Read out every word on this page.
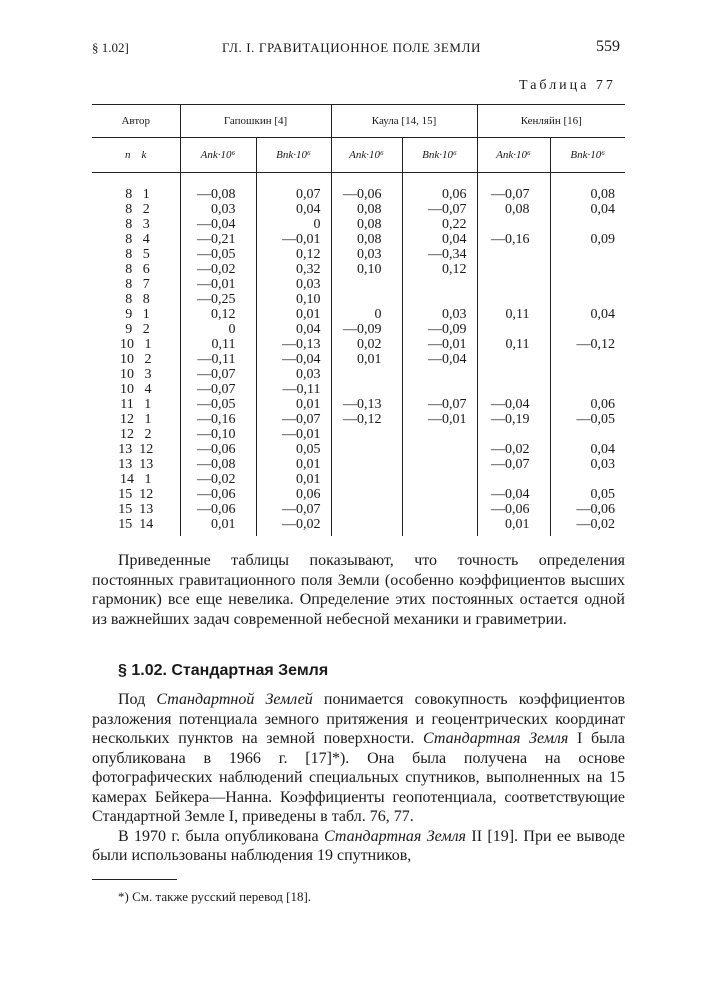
§ 1.02]	ГЛ. I. ГРАВИТАЦИОННОЕ ПОЛЕ ЗЕМЛИ	559
Таблица 77
Автор	Гапошкин [4]		Каула [14, 15]		Кенляйн [16]	
n    k	Ank·10⁶	Bnk·10⁶	Ank·10⁶	Bnk·10⁶	Ank·10⁶	Bnk·10⁶
8   1	—0,08	0,07	—0,06	0,06	—0,07	0,08
8   2	0,03	0,04	0,08	—0,07	0,08	0,04
8   3	—0,04	0	0,08	0,22		
8   4	—0,21	—0,01	0,08	0,04	—0,16	0,09
8   5	—0,05	0,12	0,03	—0,34		
8   6	—0,02	0,32	0,10	0,12		
8   7	—0,01	0,03				
8   8	—0,25	0,10				
9   1	0,12	0,01	0	0,03	0,11	0,04
9   2	0	0,04	—0,09	—0,09		
10   1	0,11	—0,13	0,02	—0,01	0,11	—0,12
10   2	—0,11	—0,04	0,01	—0,04		
10   3	—0,07	0,03				
10   4	—0,07	—0,11				
11   1	—0,05	0,01	—0,13	—0,07	—0,04	0,06
12   1	—0,16	—0,07	—0,12	—0,01	—0,19	—0,05
12   2	—0,10	—0,01				
13  12	—0,06	0,05			—0,02	0,04
13  13	—0,08	0,01			—0,07	0,03
14   1	—0,02	0,01				
15  12	—0,06	0,06			—0,04	0,05
15  13	—0,06	—0,07			—0,06	—0,06
15  14	0,01	—0,02			0,01	—0,02
Приведенные таблицы показывают, что точность определения постоянных гравитационного поля Земли (особенно коэффициентов высших гармоник) все еще невелика. Определение этих постоянных остается одной из важнейших задач современной небесной механики и гравиметрии.
§ 1.02. Стандартная Земля
Под Стандартной Землей понимается совокупность коэффициентов разложения потенциала земного притяжения и геоцентрических координат нескольких пунктов на земной поверхности. Стандартная Земля I была опубликована в 1966 г. [17]*). Она была получена на основе фотографических наблюдений специальных спутников, выполненных на 15 камерах Бейкера—Нанна. Коэффициенты геопотенциала, соответствующие Стандартной Земле I, приведены в табл. 76, 77.
В 1970 г. была опубликована Стандартная Земля II [19]. При ее выводе были использованы наблюдения 19 спутников,
*) См. также русский перевод [18].
